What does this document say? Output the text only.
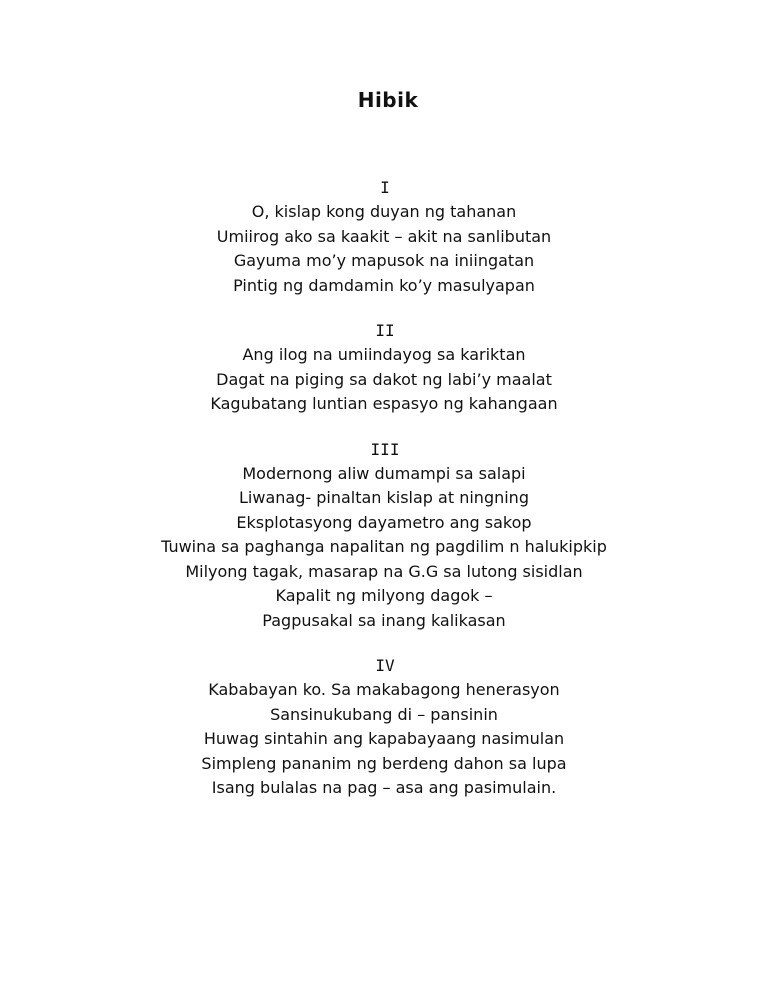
Hibik
I
O, kislap kong duyan ng tahanan
Umiirog ako sa kaakit – akit na sanlibutan
Gayuma mo’y mapusok na iniingatan
Pintig ng damdamin ko’y masulyapan
II
Ang ilog na umiindayog sa kariktan
Dagat na piging sa dakot ng labi’y maalat
Kagubatang luntian espasyo ng kahangaan
III
Modernong aliw dumampi sa salapi
Liwanag- pinaltan kislap at ningning
Eksplotasyong dayametro ang sakop
Tuwina sa paghanga napalitan ng pagdilim n halukipkip
Milyong tagak, masarap na G.G sa lutong sisidlan
Kapalit ng milyong dagok –
Pagpusakal sa inang kalikasan
IV
Kababayan ko. Sa makabagong henerasyon
Sansinukubang di – pansinin
Huwag sintahin ang kapabayaang nasimulan
Simpleng pananim ng berdeng dahon sa lupa
Isang bulalas na pag – asa ang pasimulain.
